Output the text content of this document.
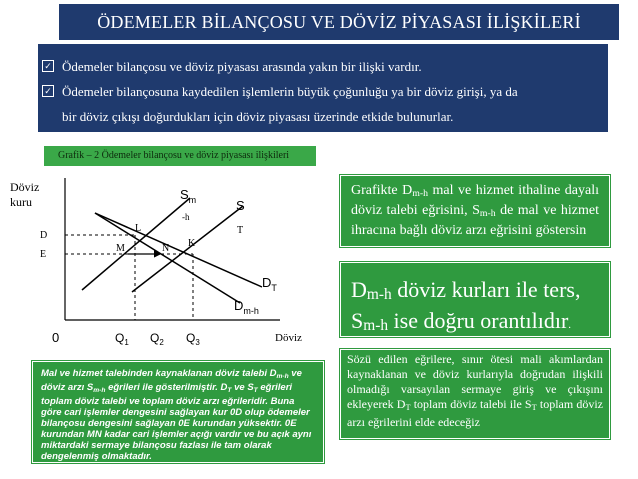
ÖDEMELER BİLANÇOSU VE DÖVİZ PİYASASI İLİŞKİLERİ
✓ Ödemeler bilançosu ve döviz piyasası arasında yakın bir ilişki vardır.
✓ Ödemeler bilançosuna kaydedilen işlemlerin büyük çoğunluğu ya bir döviz girişi, ya da
bir döviz çıkışı doğurdukları için döviz piyasası üzerinde etkide bulunurlar.
Grafik – 2 Ödemeler bilançosu ve döviz piyasası ilişkileri
Döviz
kuru
D
E
0	Döviz
$Q_1$ $Q_2$ $Q_3$
L
M	N K
$S_m$
-h
S
T
$D_T$
$D_{m-h}$
Grafikte $D_{m-h}$ mal ve hizmet ithaline dayalı döviz talebi eğrisini, $S_{m-h}$ de mal ve hizmet ihracına bağlı döviz arzı eğrisini göstersin
$D_{m-h}$ döviz kurları ile ters, $S_{m-h}$ ise doğru orantılıdır.
Sözü edilen eğrilere, sınır ötesi mali akımlardan kaynaklanan ve döviz kurlarıyla doğrudan ilişkili olmadığı varsayılan sermaye giriş ve çıkışını ekleyerek $D_T$ toplam döviz talebi ile $S_T$ toplam döviz arzı eğrilerini elde edeceğiz
Mal ve hizmet talebinden kaynaklanan döviz talebi $D_{m-h}$ ve döviz arzı $S_{m-h}$ eğrileri ile gösterilmiştir. $D_T$ ve $S_T$ eğrileri toplam döviz talebi ve toplam döviz arzı eğrileridir. Buna göre cari işlemler dengesini sağlayan kur 0D olup ödemeler bilançosu dengesini sağlayan 0E kurundan yüksektir. 0E kurundan MN kadar cari işlemler açığı vardır ve bu açık aynı miktardaki sermaye bilançosu fazlası ile tam olarak dengelenmiş olmaktadır.
